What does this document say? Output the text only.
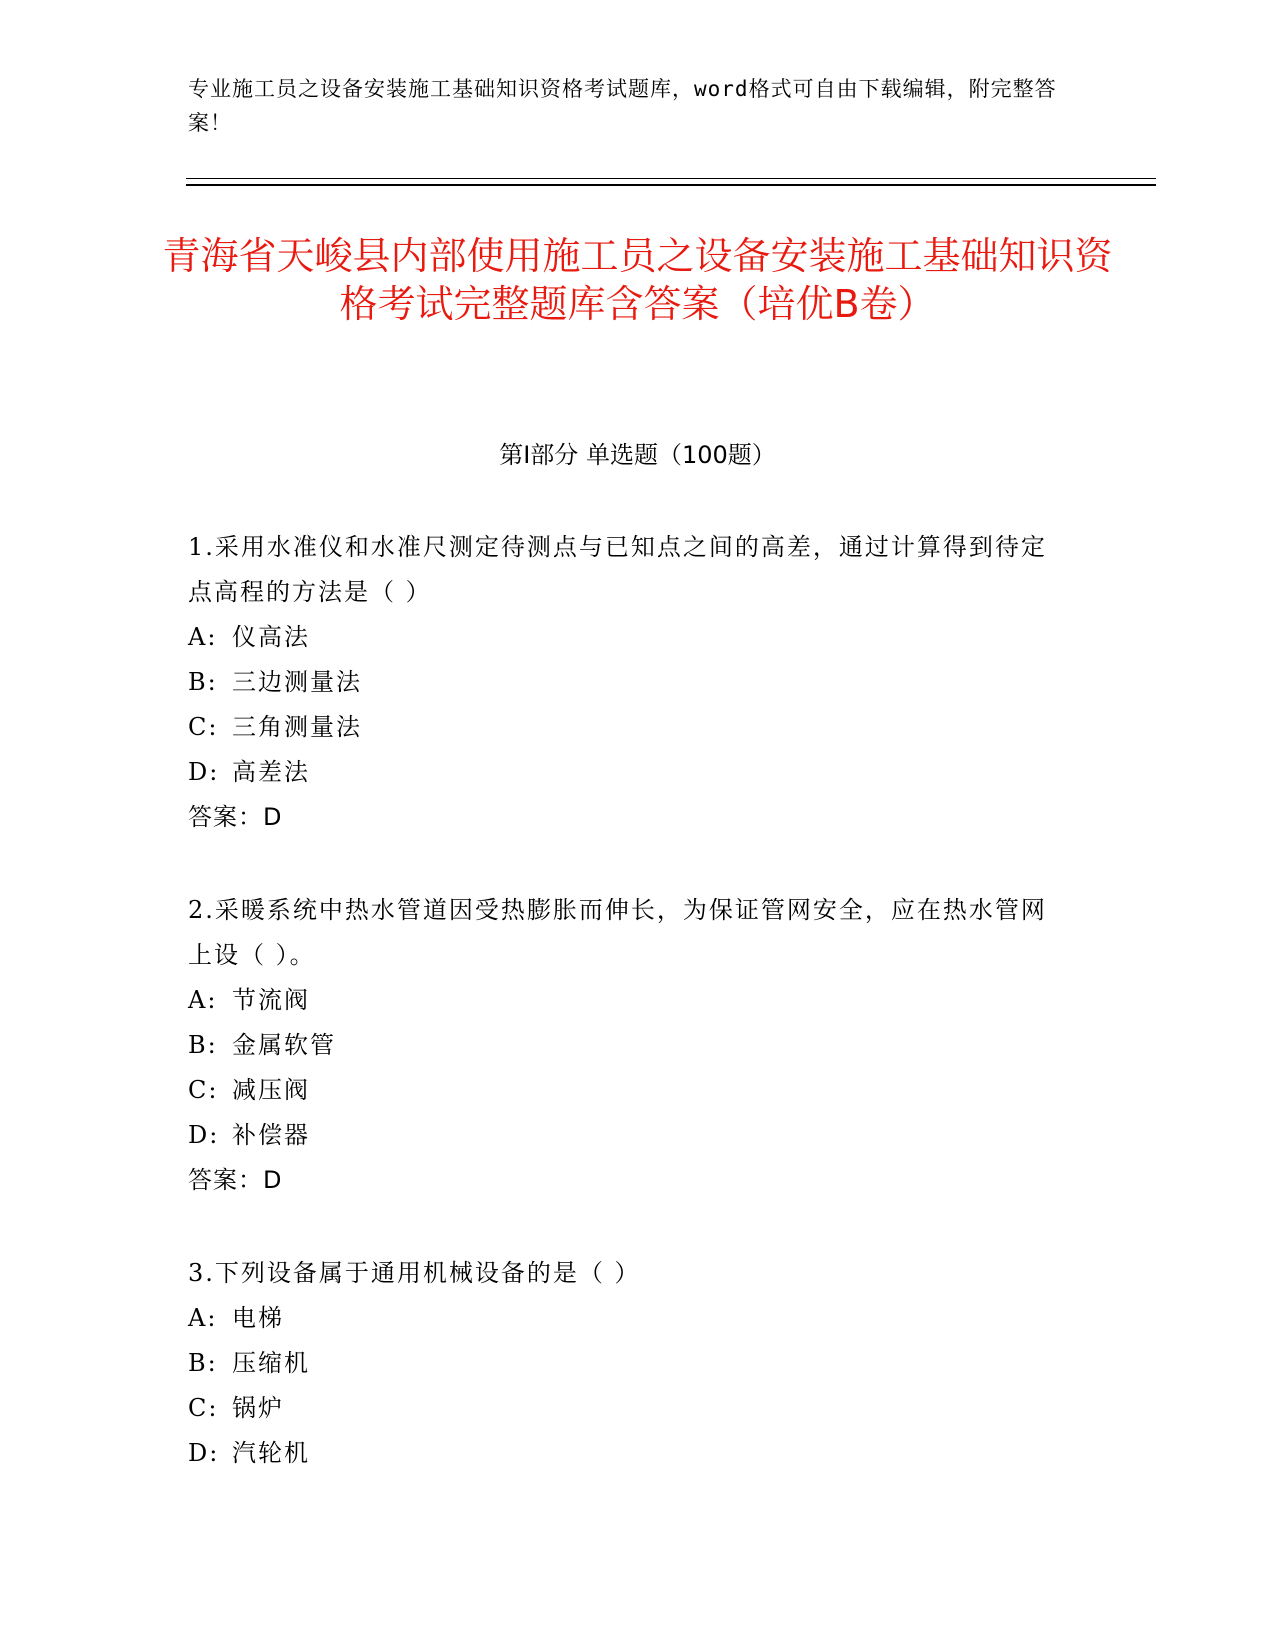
专业施工员之设备安装施工基础知识资格考试题库，word格式可自由下载编辑，附完整答案！
青海省天峻县内部使用施工员之设备安装施工基础知识资格考试完整题库含答案（培优B卷）
第Ⅰ部分 单选题（100题）
1.采用水准仪和水准尺测定待测点与已知点之间的高差，通过计算得到待定点高程的方法是（ ）
A: 仪高法
B: 三边测量法
C: 三角测量法
D: 高差法
答案：D
2.采暖系统中热水管道因受热膨胀而伸长，为保证管网安全，应在热水管网上设（ ）。
A: 节流阀
B: 金属软管
C: 减压阀
D: 补偿器
答案：D
3.下列设备属于通用机械设备的是（ ）
A: 电梯
B: 压缩机
C: 锅炉
D: 汽轮机
